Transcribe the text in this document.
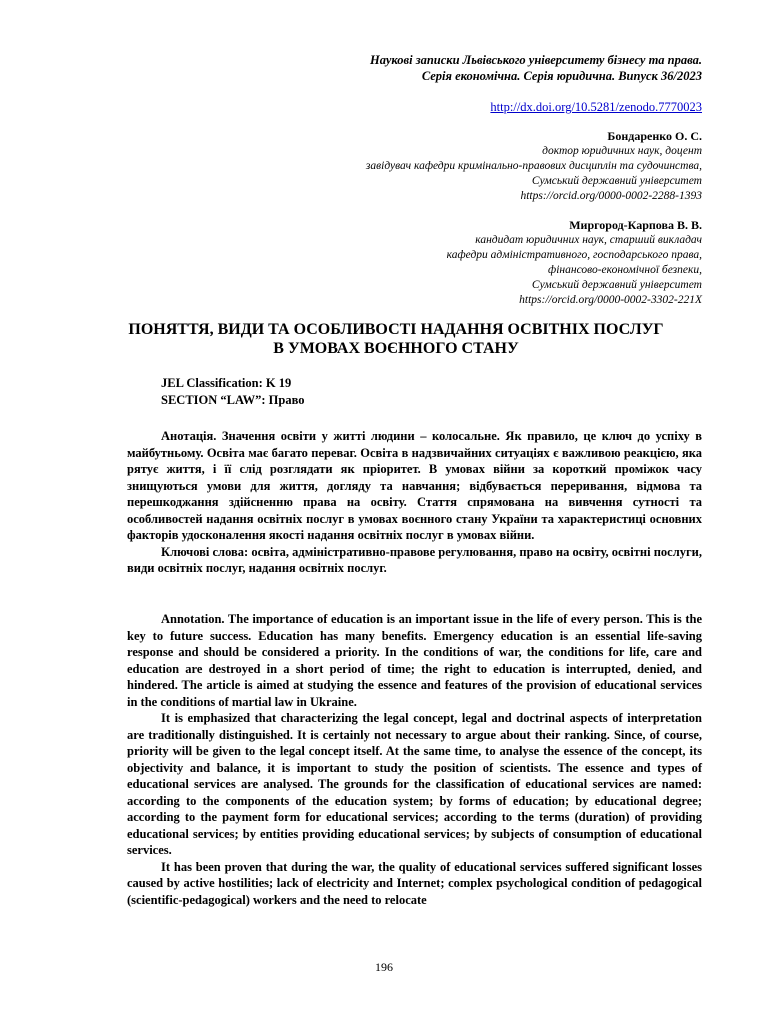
Наукові записки Львівського університету бізнесу та права.
Серія економічна. Серія юридична. Випуск 36/2023
http://dx.doi.org/10.5281/zenodo.7770023
Бондаренко О. С.
доктор юридичних наук, доцент
завідувач кафедри кримінально-правових дисциплін та судочинства,
Сумський державний університет
https://orcid.org/0000-0002-2288-1393
Миргород-Карпова В. В.
кандидат юридичних наук, старший викладач
кафедри адміністративного, господарського права,
фінансово-економічної безпеки,
Сумський державний університет
https://orcid.org/0000-0002-3302-221X
ПОНЯТТЯ, ВИДИ ТА ОСОБЛИВОСТІ НАДАННЯ ОСВІТНІХ ПОСЛУГ
В УМОВАХ ВОЄННОГО СТАНУ
JEL Classification: K 19
SECTION “LAW”: Право

Анотація. Значення освіти у житті людини – колосальне. Як правило, це ключ до успіху в майбутньому. Освіта має багато переваг. Освіта в надзвичайних ситуаціях є важливою реакцією, яка рятує життя, і її слід розглядати як пріоритет. В умовах війни за короткий проміжок часу знищуються умови для життя, догляду та навчання; відбувається переривання, відмова та перешкоджання здійсненню права на освіту. Стаття спрямована на вивчення сутності та особливостей надання освітніх послуг в умовах воєнного стану України та характеристиці основних факторів удосконалення якості надання освітніх послуг в умовах війни.

Ключові слова: освіта, адміністративно-правове регулювання, право на освіту, освітні послуги, види освітніх послуг, надання освітніх послуг.

Annotation. The importance of education is an important issue in the life of every person. This is the key to future success. Education has many benefits. Emergency education is an essential life-saving response and should be considered a priority. In the conditions of war, the conditions for life, care and education are destroyed in a short period of time; the right to education is interrupted, denied, and hindered. The article is aimed at studying the essence and features of the provision of educational services in the conditions of martial law in Ukraine.

It is emphasized that characterizing the legal concept, legal and doctrinal aspects of interpretation are traditionally distinguished. It is certainly not necessary to argue about their ranking. Since, of course, priority will be given to the legal concept itself. At the same time, to analyse the essence of the concept, its objectivity and balance, it is important to study the position of scientists. The essence and types of educational services are analysed. The grounds for the classification of educational services are named: according to the components of the education system; by forms of education; by educational degree; according to the payment form for educational services; according to the terms (duration) of providing educational services; by entities providing educational services; by subjects of consumption of educational services.

It has been proven that during the war, the quality of educational services suffered significant losses caused by active hostilities; lack of electricity and Internet; complex psychological condition of pedagogical (scientific-pedagogical) workers and the need to relocate

196
